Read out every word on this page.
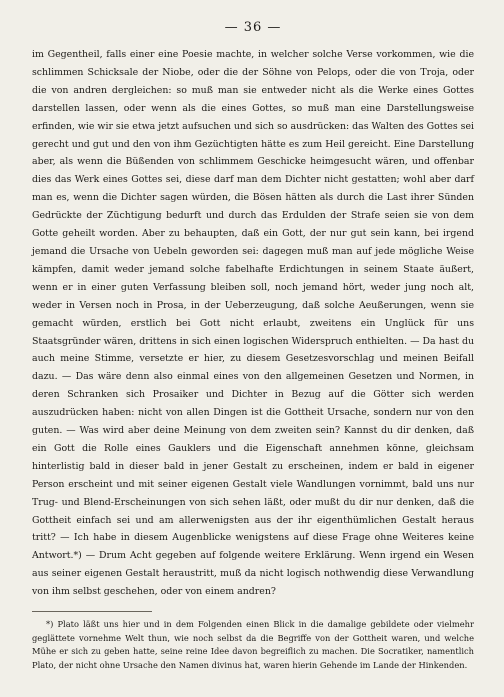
— 36 —

im Gegentheil, falls einer eine Poesie machte, in welcher solche Verse vorkommen, wie die schlimmen Schicksale der Niobe, oder die der Söhne von Pelops, oder die von Troja, oder die von andren dergleichen: so muß man sie entweder nicht als die Werke eines Gottes darstellen lassen, oder wenn als die eines Gottes, so muß man eine Darstellungsweise erfinden, wie wir sie etwa jetzt aufsuchen und sich so ausdrücken: das Walten des Gottes sei gerecht und gut und den von ihm Gezüchtigten hätte es zum Heil gereicht. Eine Darstellung aber, als wenn die Büßenden von schlimmem Geschicke heimgesucht wären, und offenbar dies das Werk eines Gottes sei, diese darf man dem Dichter nicht gestatten; wohl aber darf man es, wenn die Dichter sagen würden, die Bösen hätten als durch die Last ihrer Sünden Gedrückte der Züchtigung bedurft und durch das Erdulden der Strafe seien sie von dem Gotte geheilt worden. Aber zu behaupten, daß ein Gott, der nur gut sein kann, bei irgend jemand die Ursache von Uebeln geworden sei: dagegen muß man auf jede mögliche Weise kämpfen, damit weder jemand solche fabelhafte Erdichtungen in seinem Staate äußert, wenn er in einer guten Verfassung bleiben soll, noch jemand hört, weder jung noch alt, weder in Versen noch in Prosa, in der Ueberzeugung, daß solche Aeußerungen, wenn sie gemacht würden, erstlich bei Gott nicht erlaubt, zweitens ein Unglück für uns Staatsgründer wären, drittens in sich einen logischen Widerspruch enthielten. — Da hast du auch meine Stimme, versetzte er hier, zu diesem Gesetzesvorschlag und meinen Beifall dazu. — Das wäre denn also einmal eines von den allgemeinen Gesetzen und Normen, in deren Schranken sich Prosaiker und Dichter in Bezug auf die Götter sich werden auszudrücken haben: nicht von allen Dingen ist die Gottheit Ursache, sondern nur von den guten. — Was wird aber deine Meinung von dem zweiten sein? Kannst du dir denken, daß ein Gott die Rolle eines Gauklers und die Eigenschaft annehmen könne, gleichsam hinterlistig bald in dieser bald in jener Gestalt zu erscheinen, indem er bald in eigener Person erscheint und mit seiner eigenen Gestalt viele Wandlungen vornimmt, bald uns nur Trug- und Blend-Erscheinungen von sich sehen läßt, oder mußt du dir nur denken, daß die Gottheit einfach sei und am allerwenigsten aus der ihr eigenthümlichen Gestalt heraus tritt? — Ich habe in diesem Augenblicke wenigstens auf diese Frage ohne Weiteres keine Antwort.*) — Drum Acht gegeben auf folgende weitere Erklärung. Wenn irgend ein Wesen aus seiner eigenen Gestalt heraustritt, muß da nicht logisch nothwendig diese Verwandlung von ihm selbst geschehen, oder von einem andren?

*) Plato läßt uns hier und in dem Folgenden einen Blick in die damalige gebildete oder vielmehr geglättete vornehme Welt thun, wie noch selbst da die Begriffe von der Gottheit waren, und welche Mühe er sich zu geben hatte, seine reine Idee davon begreiflich zu machen. Die Socratiker, namentlich Plato, der nicht ohne Ursache den Namen divinus hat, waren hierin Gehende im Lande der Hinkenden.
